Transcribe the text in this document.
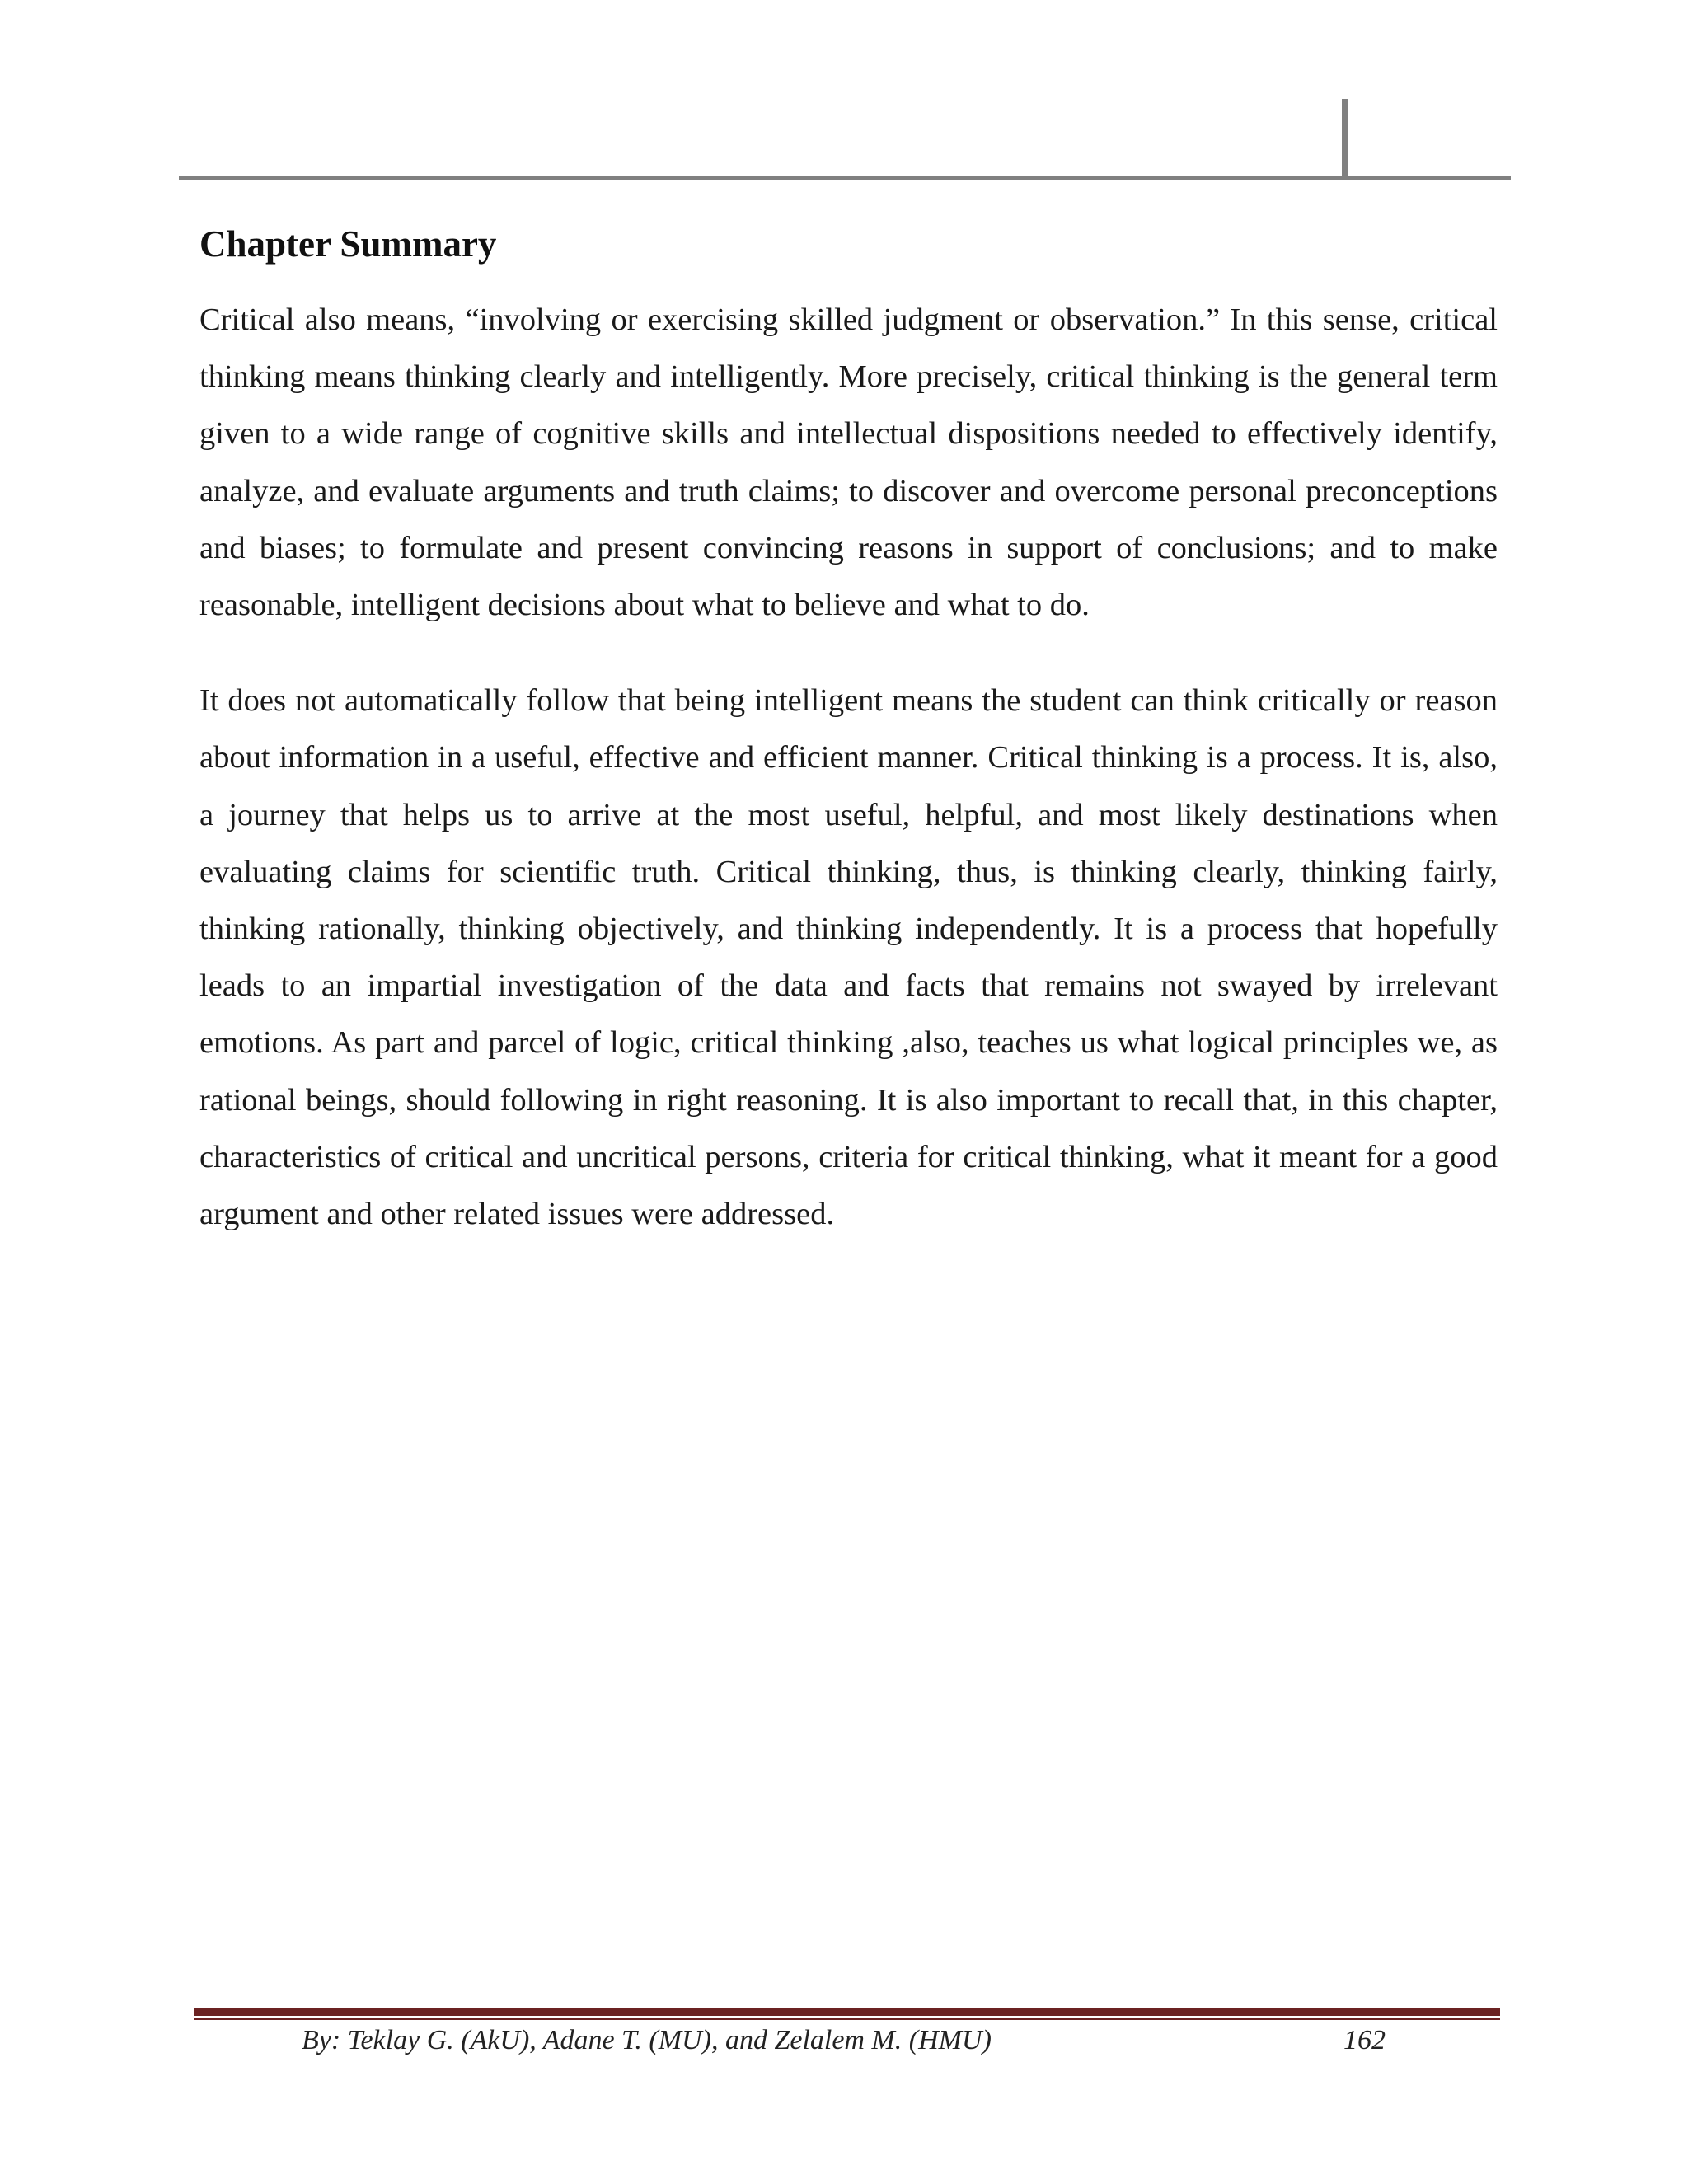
Chapter Summary

Critical also means, “involving or exercising skilled judgment or observation.” In this sense, critical thinking means thinking clearly and intelligently. More precisely, critical thinking is the general term given to a wide range of cognitive skills and intellectual dispositions needed to effectively identify, analyze, and evaluate arguments and truth claims; to discover and overcome personal preconceptions and biases; to formulate and present convincing reasons in support of conclusions; and to make reasonable, intelligent decisions about what to believe and what to do.

It does not automatically follow that being intelligent means the student can think critically or reason about information in a useful, effective and efficient manner. Critical thinking is a process. It is, also, a journey that helps us to arrive at the most useful, helpful, and most likely destinations when evaluating claims for scientific truth. Critical thinking, thus, is thinking clearly, thinking fairly, thinking rationally, thinking objectively, and thinking independently. It is a process that hopefully leads to an impartial investigation of the data and facts that remains not swayed by irrelevant emotions. As part and parcel of logic, critical thinking ,also, teaches us what logical principles we, as rational beings, should following in right reasoning. It is also important to recall that, in this chapter, characteristics of critical and uncritical persons, criteria for critical thinking, what it meant for a good argument and other related issues were addressed.

By: Teklay G. (AkU), Adane T. (MU), and Zelalem M. (HMU)	162
